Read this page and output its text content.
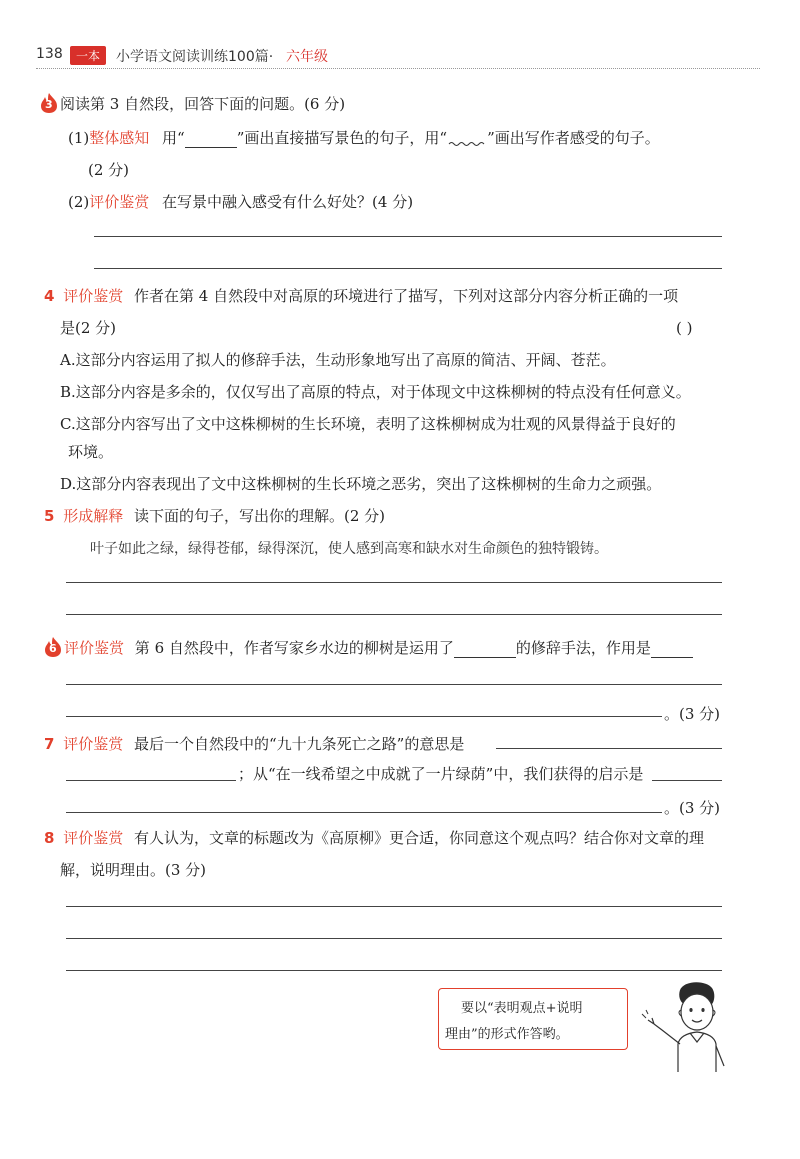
138	一本	小学语文阅读训练100篇· 六年级
3 阅读第 3 自然段，回答下面的问题。(6 分)
(1)整体感知 用“	”画出直接描写景色的句子，用“	”画出写作者感受的句子。
(2 分)
(2)评价鉴赏 在写景中融入感受有什么好处？(4 分)
4 评价鉴赏 作者在第 4 自然段中对高原的环境进行了描写，下列对这部分内容分析正确的一项
是(2 分)	( )
A.这部分内容运用了拟人的修辞手法，生动形象地写出了高原的简洁、开阔、苍茫。
B.这部分内容是多余的，仅仅写出了高原的特点，对于体现文中这株柳树的特点没有任何意义。
C.这部分内容写出了文中这株柳树的生长环境，表明了这株柳树成为壮观的风景得益于良好的
环境。
D.这部分内容表现出了文中这株柳树的生长环境之恶劣，突出了这株柳树的生命力之顽强。
5 形成解释 读下面的句子，写出你的理解。(2 分)
叶子如此之绿，绿得苍郁，绿得深沉，使人感到高寒和缺水对生命颜色的独特锻铸。
6 评价鉴赏 第 6 自然段中，作者写家乡水边的柳树是运用了	的修辞手法，作用是
。(3 分)
7 评价鉴赏 最后一个自然段中的“九十九条死亡之路”的意思是
；从“在一线希望之中成就了一片绿荫”中，我们获得的启示是
。(3 分)
8 评价鉴赏 有人认为，文章的标题改为《高原柳》更合适，你同意这个观点吗？结合你对文章的理
解，说明理由。(3 分)
要以“表明观点+说明
理由”的形式作答哟。
